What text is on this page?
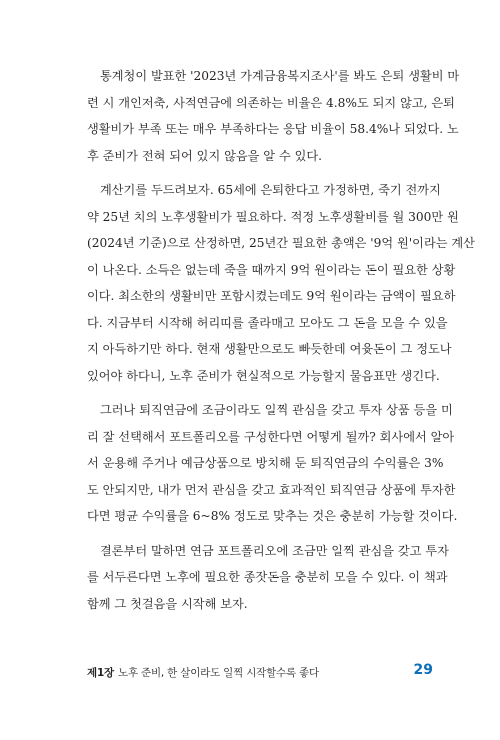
통계청이 발표한 '2023년 가계금융복지조사'를 봐도 은퇴 생활비 마
련 시 개인저축, 사적연금에 의존하는 비율은 4.8%도 되지 않고, 은퇴
생활비가 부족 또는 매우 부족하다는 응답 비율이 58.4%나 되었다. 노
후 준비가 전혀 되어 있지 않음을 알 수 있다.
계산기를 두드려보자. 65세에 은퇴한다고 가정하면, 죽기 전까지
약 25년 치의 노후생활비가 필요하다. 적정 노후생활비를 월 300만 원
(2024년 기준)으로 산정하면, 25년간 필요한 총액은 '9억 원'이라는 계산
이 나온다. 소득은 없는데 죽을 때까지 9억 원이라는 돈이 필요한 상황
이다. 최소한의 생활비만 포함시켰는데도 9억 원이라는 금액이 필요하
다. 지금부터 시작해 허리띠를 졸라매고 모아도 그 돈을 모을 수 있을
지 아득하기만 하다. 현재 생활만으로도 빠듯한데 여윳돈이 그 정도나
있어야 하다니, 노후 준비가 현실적으로 가능할지 물음표만 생긴다.
그러나 퇴직연금에 조금이라도 일찍 관심을 갖고 투자 상품 등을 미
리 잘 선택해서 포트폴리오를 구성한다면 어떻게 될까? 회사에서 알아
서 운용해 주거나 예금상품으로 방치해 둔 퇴직연금의 수익률은 3%
도 안되지만, 내가 먼저 관심을 갖고 효과적인 퇴직연금 상품에 투자한
다면 평균 수익률을 6~8% 정도로 맞추는 것은 충분히 가능할 것이다.
결론부터 말하면 연금 포트폴리오에 조금만 일찍 관심을 갖고 투자
를 서두른다면 노후에 필요한 종잣돈을 충분히 모을 수 있다. 이 책과
함께 그 첫걸음을 시작해 보자.
제1장 노후 준비, 한 살이라도 일찍 시작할수록 좋다	29
